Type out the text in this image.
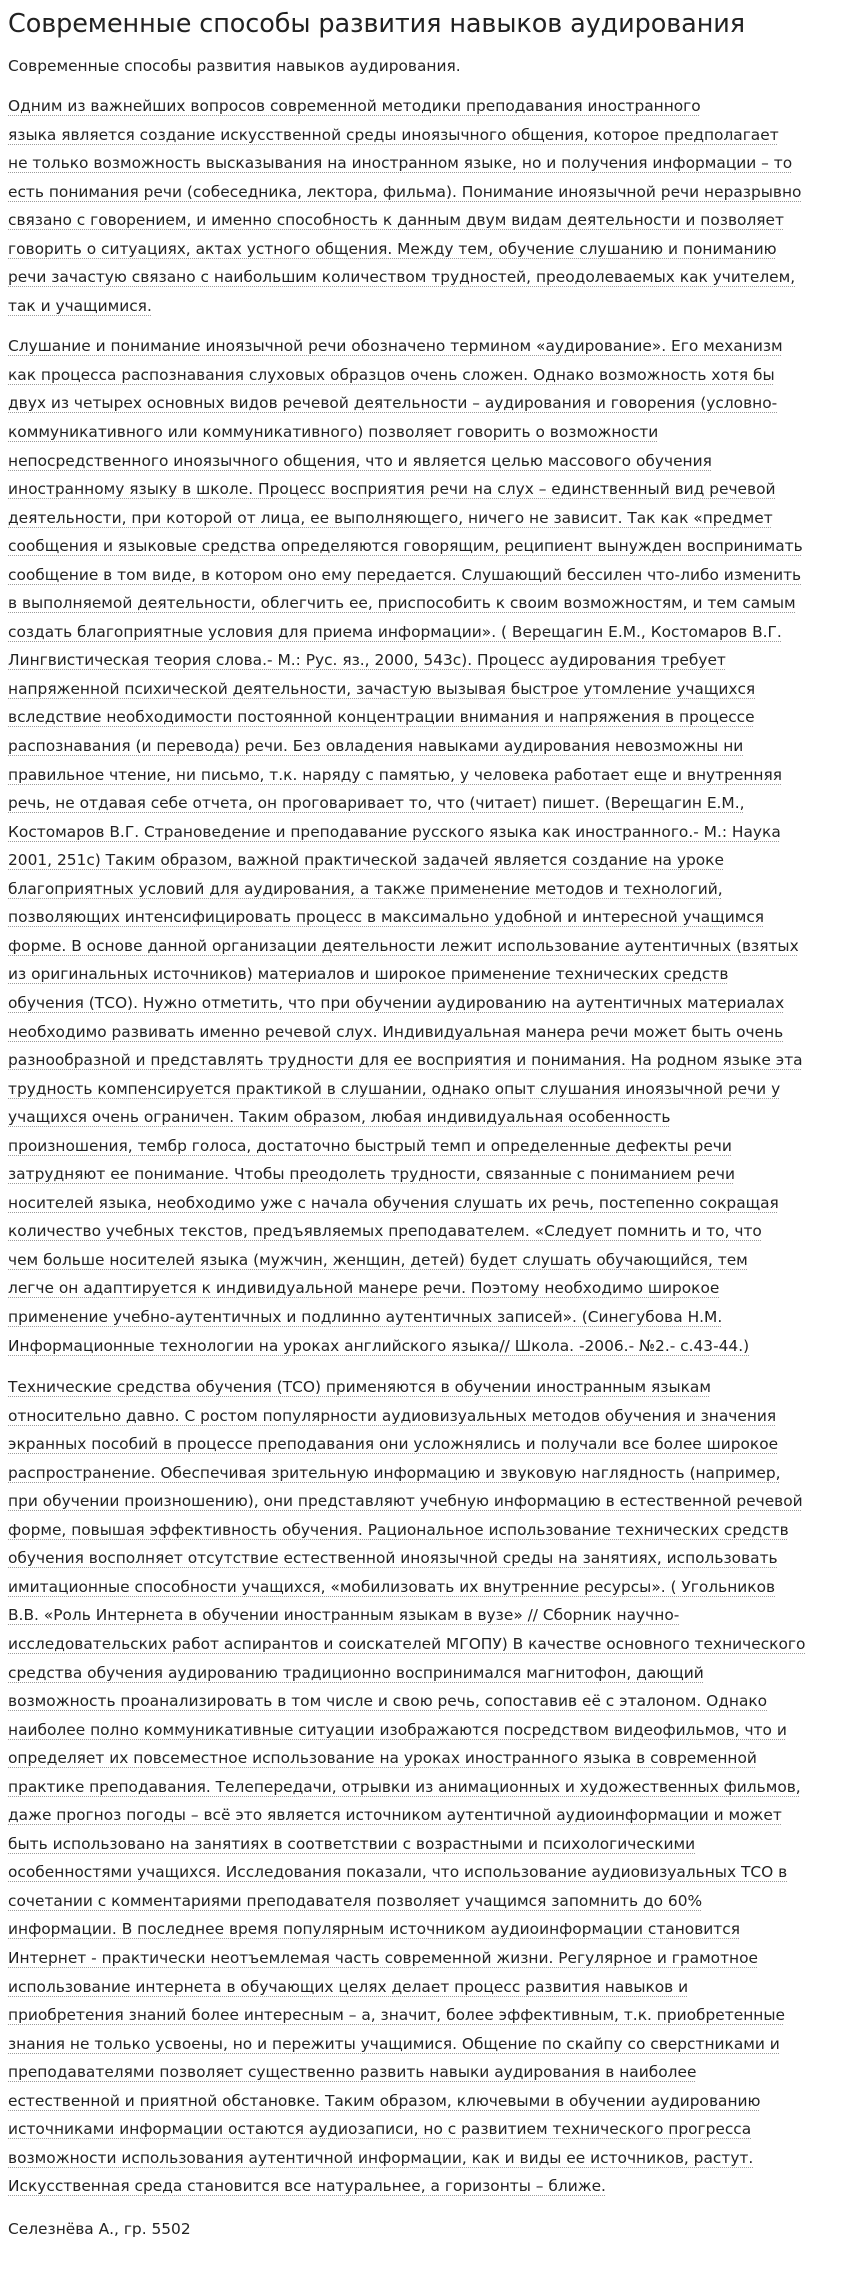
Современные способы развития навыков аудирования

Современные способы развития навыков аудирования.

Одним из важнейших вопросов современной методики преподавания иностранного
языка является создание искусственной среды иноязычного общения, которое предполагает
не только возможность высказывания на иностранном языке, но и получения информации – то
есть понимания речи (собеседника, лектора, фильма). Понимание иноязычной речи неразрывно
связано с говорением, и именно способность к данным двум видам деятельности и позволяет
говорить о ситуациях, актах устного общения. Между тем, обучение слушанию и пониманию
речи зачастую связано с наибольшим количеством трудностей, преодолеваемых как учителем,
так и учащимися.

Слушание и понимание иноязычной речи обозначено термином «аудирование». Его механизм
как процесса распознавания слуховых образцов очень сложен. Однако возможность хотя бы
двух из четырех основных видов речевой деятельности – аудирования и говорения (условно-
коммуникативного или коммуникативного) позволяет говорить о возможности
непосредственного иноязычного общения, что и является целью массового обучения
иностранному языку в школе. Процесс восприятия речи на слух – единственный вид речевой
деятельности, при которой от лица, ее выполняющего, ничего не зависит. Так как «предмет
сообщения и языковые средства определяются говорящим, реципиент вынужден воспринимать
сообщение в том виде, в котором оно ему передается. Слушающий бессилен что-либо изменить
в выполняемой деятельности, облегчить ее, приспособить к своим возможностям, и тем самым
создать благоприятные условия для приема информации». ( Верещагин Е.М., Костомаров В.Г.
Лингвистическая теория слова.- М.: Рус. яз., 2000, 543с). Процесс аудирования требует
напряженной психической деятельности, зачастую вызывая быстрое утомление учащихся
вследствие необходимости постоянной концентрации внимания и напряжения в процессе
распознавания (и перевода) речи. Без овладения навыками аудирования невозможны ни
правильное чтение, ни письмо, т.к. наряду с памятью, у человека работает еще и внутренняя
речь, не отдавая себе отчета, он проговаривает то, что (читает) пишет. (Верещагин Е.М.,
Костомаров В.Г. Страноведение и преподавание русского языка как иностранного.- М.: Наука
2001, 251с) Таким образом, важной практической задачей является создание на уроке
благоприятных условий для аудирования, а также применение методов и технологий,
позволяющих интенсифицировать процесс в максимально удобной и интересной учащимся
форме. В основе данной организации деятельности лежит использование аутентичных (взятых
из оригинальных источников) материалов и широкое применение технических средств
обучения (ТСО). Нужно отметить, что при обучении аудированию на аутентичных материалах
необходимо развивать именно речевой слух. Индивидуальная манера речи может быть очень
разнообразной и представлять трудности для ее восприятия и понимания. На родном языке эта
трудность компенсируется практикой в слушании, однако опыт слушания иноязычной речи у
учащихся очень ограничен. Таким образом, любая индивидуальная особенность
произношения, тембр голоса, достаточно быстрый темп и определенные дефекты речи
затрудняют ее понимание. Чтобы преодолеть трудности, связанные с пониманием речи
носителей языка, необходимо уже с начала обучения слушать их речь, постепенно сокращая
количество учебных текстов, предъявляемых преподавателем. «Следует помнить и то, что
чем больше носителей языка (мужчин, женщин, детей) будет слушать обучающийся, тем
легче он адаптируется к индивидуальной манере речи. Поэтому необходимо широкое
применение учебно-аутентичных и подлинно аутентичных записей». (Синегубова Н.М.
Информационные технологии на уроках английского языка// Школа. -2006.- №2.- с.43-44.)

Технические средства обучения (ТСО) применяются в обучении иностранным языкам
относительно давно. С ростом популярности аудиовизуальных методов обучения и значения
экранных пособий в процессе преподавания они усложнялись и получали все более широкое
распространение. Обеспечивая зрительную информацию и звуковую наглядность (например,
при обучении произношению), они представляют учебную информацию в естественной речевой
форме, повышая эффективность обучения. Рациональное использование технических средств
обучения восполняет отсутствие естественной иноязычной среды на занятиях, использовать
имитационные способности учащихся, «мобилизовать их внутренние ресурсы». ( Угольников
В.В. «Роль Интернета в обучении иностранным языкам в вузе» // Сборник научно-
исследовательских работ аспирантов и соискателей МГОПУ) В качестве основного технического
средства обучения аудированию традиционно воспринимался магнитофон, дающий
возможность проанализировать в том числе и свою речь, сопоставив её с эталоном. Однако
наиболее полно коммуникативные ситуации изображаются посредством видеофильмов, что и
определяет их повсеместное использование на уроках иностранного языка в современной
практике преподавания. Телепередачи, отрывки из анимационных и художественных фильмов,
даже прогноз погоды – всё это является источником аутентичной аудиоинформации и может
быть использовано на занятиях в соответствии с возрастными и психологическими
особенностями учащихся. Исследования показали, что использование аудиовизуальных ТСО в
сочетании с комментариями преподавателя позволяет учащимся запомнить до 60%
информации. В последнее время популярным источником аудиоинформации становится
Интернет - практически неотъемлемая часть современной жизни. Регулярное и грамотное
использование интернета в обучающих целях делает процесс развития навыков и
приобретения знаний более интересным – а, значит, более эффективным, т.к. приобретенные
знания не только усвоены, но и пережиты учащимися. Общение по скайпу со сверстниками и
преподавателями позволяет существенно развить навыки аудирования в наиболее
естественной и приятной обстановке. Таким образом, ключевыми в обучении аудированию
источниками информации остаются аудиозаписи, но с развитием технического прогресса
возможности использования аутентичной информации, как и виды ее источников, растут.
Искусственная среда становится все натуральнее, а горизонты – ближе.

Селезнёва А., гр. 5502
